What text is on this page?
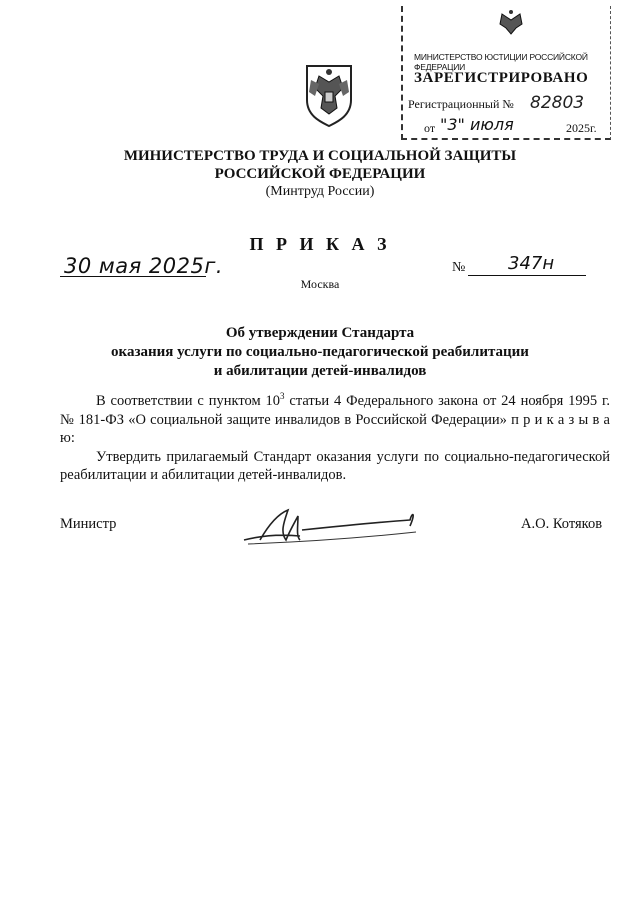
МИНИСТЕРСТВО ЮСТИЦИИ РОССИЙСКОЙ ФЕДЕРАЦИИ
ЗАРЕГИСТРИРОВАНО
Регистрационный № 82803
от "3" июля	2025г.
МИНИСТЕРСТВО ТРУДА И СОЦИАЛЬНОЙ ЗАЩИТЫ
РОССИЙСКОЙ ФЕДЕРАЦИИ
(Минтруд России)
П Р И К А З
30 мая 2025г.	№ 347н
Москва
Об утверждении Стандарта
оказания услуги по социально-педагогической реабилитации
и абилитации детей-инвалидов

В соответствии с пунктом $10^3$ статьи 4 Федерального закона от 24 ноября 1995 г. № 181-ФЗ «О социальной защите инвалидов в Российской Федерации» п р и к а з ы в а ю:

Утвердить прилагаемый Стандарт оказания услуги по социально-педагогической реабилитации и абилитации детей-инвалидов.

Министр	А.О. Котяков
